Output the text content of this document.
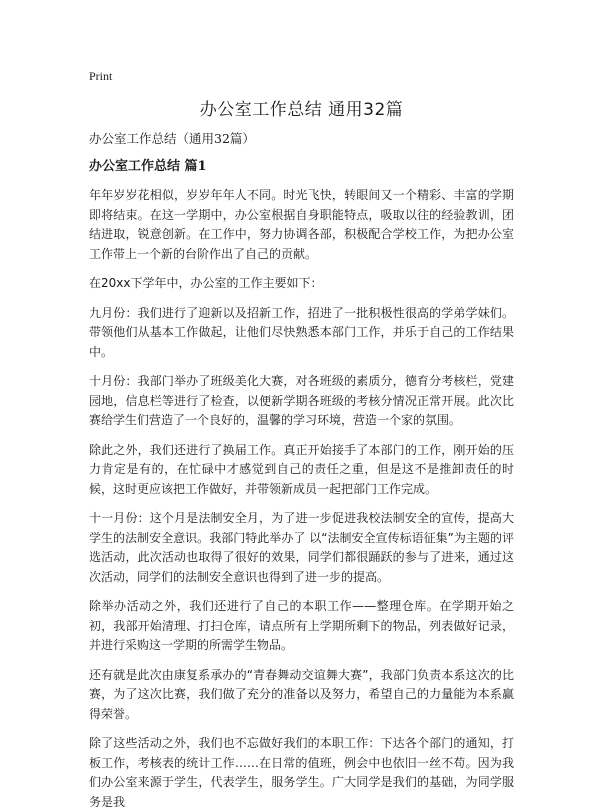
Print
办公室工作总结 通用32篇
办公室工作总结（通用32篇）
办公室工作总结 篇1

年年岁岁花相似，岁岁年年人不同。时光飞快，转眼间又一个精彩、丰富的学期即将结束。在这一学期中，办公室根据自身职能特点，吸取以往的经验教训，团结进取，锐意创新。在工作中，努力协调各部，积极配合学校工作，为把办公室工作带上一个新的台阶作出了自己的贡献。

在20xx下学年中，办公室的工作主要如下：

九月份：我们进行了迎新以及招新工作，招进了一批积极性很高的学弟学妹们。带领他们从基本工作做起，让他们尽快熟悉本部门工作，并乐于自己的工作结果中。

十月份：我部门举办了班级美化大赛，对各班级的素质分，德育分考核栏，党建园地，信息栏等进行了检查，以便新学期各班级的考核分情况正常开展。此次比赛给学生们营造了一个良好的，温馨的学习环境，营造一个家的氛围。

除此之外，我们还进行了换届工作。真正开始接手了本部门的工作，刚开始的压力肯定是有的，在忙碌中才感觉到自己的责任之重，但是这不是推卸责任的时候，这时更应该把工作做好，并带领新成员一起把部门工作完成。

十一月份：这个月是法制安全月，为了进一步促进我校法制安全的宣传，提高大学生的法制安全意识。我部门特此举办了 以“法制安全宣传标语征集”为主题的评选活动，此次活动也取得了很好的效果，同学们都很踊跃的参与了进来，通过这次活动，同学们的法制安全意识也得到了进一步的提高。

除举办活动之外，我们还进行了自己的本职工作——整理仓库。在学期开始之初，我部开始清理、打扫仓库，请点所有上学期所剩下的物品，列表做好记录，并进行采购这一学期的所需学生物品。

还有就是此次由康复系承办的“青春舞动交谊舞大赛”，我部门负责本系这次的比赛，为了这次比赛，我们做了充分的准备以及努力，希望自己的力量能为本系赢得荣誉。

除了这些活动之外，我们也不忘做好我们的本职工作：下达各个部门的通知，打板工作，考核表的统计工作……在日常的值班，例会中也依旧一丝不苟。因为我们办公室来源于学生，代表学生，服务学生。广大同学是我们的基础，为同学服务是我
